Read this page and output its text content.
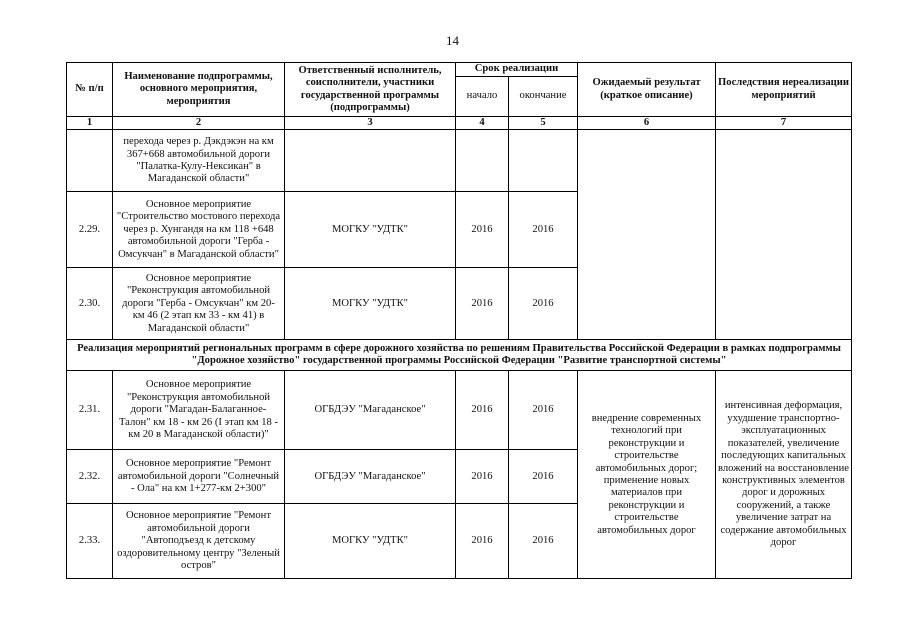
14
№ п/п	Наименование подпрограммы, основного мероприятия, мероприятия	Ответственный исполнитель, соисполнители, участники государственной программы (подпрограммы)	Срок реализации		Ожидаемый результат (краткое описание)	Последствия нереализации мероприятий
			начало	окончание		
1	2	3	4	5	6	7
	перехода через р. Дэкдэкэн на км 367+668 автомобильной дороги "Палатка-Кулу-Нексикан" в Магаданской области"					
2.29.	Основное мероприятие "Строительство мостового перехода через р. Хунгандя на км 118 +648 автомобильной дороги "Герба - Омсукчан" в Магаданской области"	МОГКУ "УДТК"	2016	2016		
2.30.	Основное мероприятие "Реконструкция автомобильной дороги "Герба - Омсукчан" км 20- км 46 (2 этап км 33 - км 41) в Магаданской области"	МОГКУ "УДТК"	2016	2016		
Реализация мероприятий региональных программ в сфере дорожного хозяйства по решениям Правительства Российской Федерации в рамках подпрограммы "Дорожное хозяйство" государственной программы Российской Федерации "Развитие транспортной системы"						
2.31.	Основное мероприятие "Реконструкция автомобильной дороги "Магадан-Балаганное-Талон" км 18 - км 26 (I этап км 18 - км 20 в Магаданской области)"	ОГБДЭУ "Магаданское"	2016	2016	внедрение современных технологий при реконструкции и строительстве автомобильных дорог; применение новых материалов при реконструкции и строительстве автомобильных дорог	интенсивная деформация, ухудшение транспортно-эксплуатационных показателей, увеличение последующих капитальных вложений на восстановление конструктивных элементов дорог и дорожных сооружений, а также увеличение затрат на содержание автомобильных дорог
2.32.	Основное мероприятие "Ремонт автомобильной дороги "Солнечный - Ола" на км 1+277-км 2+300"	ОГБДЭУ "Магаданское"	2016	2016		
2.33.	Основное мероприятие "Ремонт автомобильной дороги "Автоподъезд к детскому оздоровительному центру "Зеленый остров"	МОГКУ "УДТК"	2016	2016		
